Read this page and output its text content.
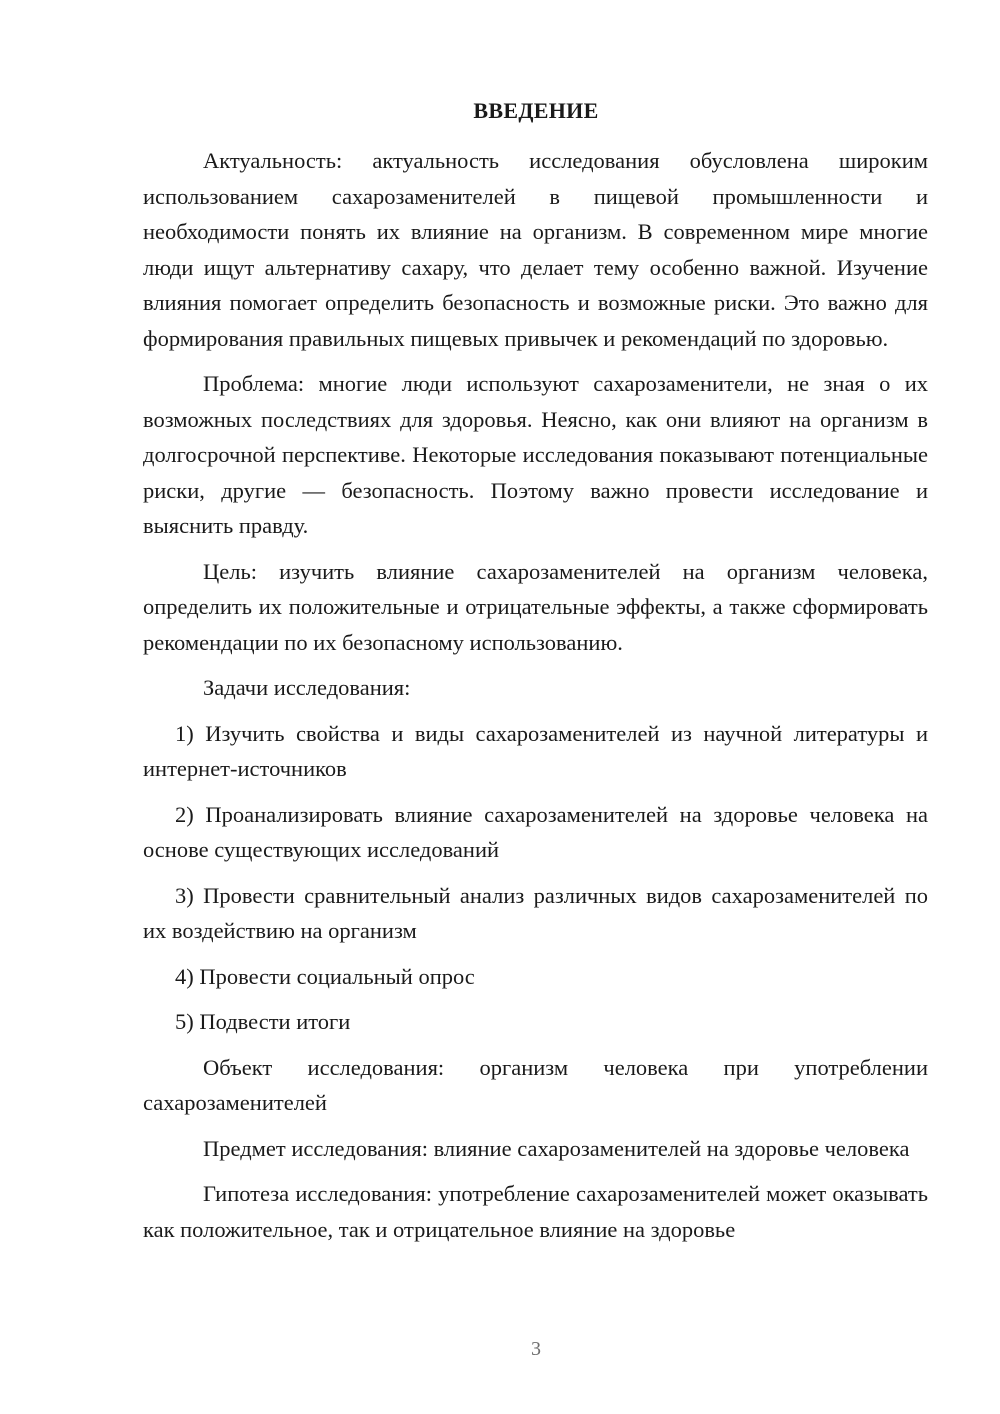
ВВЕДЕНИЕ

Актуальность: актуальность исследования обусловлена широким использованием сахарозаменителей в пищевой промышленности и необходимости понять их влияние на организм. В современном мире многие люди ищут альтернативу сахару, что делает тему особенно важной. Изучение влияния помогает определить безопасность и возможные риски. Это важно для формирования правильных пищевых привычек и рекомендаций по здоровью.

Проблема: многие люди используют сахарозаменители, не зная о их возможных последствиях для здоровья. Неясно, как они влияют на организм в долгосрочной перспективе. Некоторые исследования показывают потенциальные риски, другие — безопасность. Поэтому важно провести исследование и выяснить правду.

Цель: изучить влияние сахарозаменителей на организм человека, определить их положительные и отрицательные эффекты, а также сформировать рекомендации по их безопасному использованию.

Задачи исследования:

1) Изучить свойства и виды сахарозаменителей из научной литературы и интернет-источников

2) Проанализировать влияние сахарозаменителей на здоровье человека на основе существующих исследований

3) Провести сравнительный анализ различных видов сахарозаменителей по их воздействию на организм

4) Провести социальный опрос

5) Подвести итоги

Объект исследования: организм человека при употреблении сахарозаменителей

Предмет исследования: влияние сахарозаменителей на здоровье человека

Гипотеза исследования: употребление сахарозаменителей может оказывать как положительное, так и отрицательное влияние на здоровье

3
